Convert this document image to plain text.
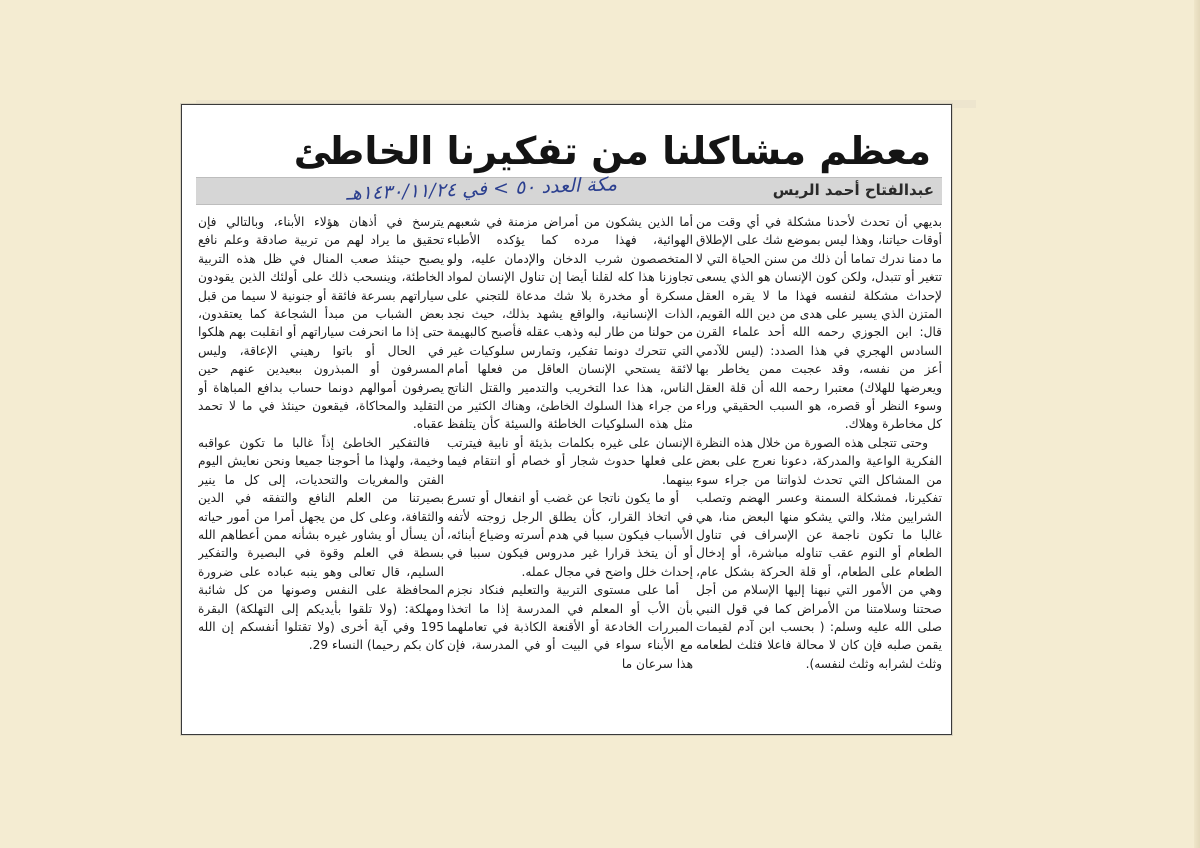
معظم مشاكلنا من تفكيرنا الخاطئ
عبدالفتاح أحمد الريس
مكة العدد ٥٠ > في ١٤٣٠/١١/٢٤هـ

بديهي أن تحدث لأحدنا مشكلة في أي وقت من أوقات حياتنا، وهذا ليس بموضع شك على الإطلاق ما دمنا ندرك تماما أن ذلك من سنن الحياة التي لا تتغير أو تتبدل، ولكن كون الإنسان هو الذي يسعى لإحداث مشكلة لنفسه فهذا ما لا يقره العقل المتزن الذي يسير على هدى من دين الله القويم، قال: ابن الجوزي رحمه الله أحد علماء القرن السادس الهجري في هذا الصدد: (ليس للآدمي أعز من نفسه، وقد عجبت ممن يخاطر بها ويعرضها للهلاك) معتبرا رحمه الله أن قلة العقل وسوء النظر أو قصره، هو السبب الحقيقي وراء كل مخاطرة وهلاك.

وحتى تتجلى هذه الصورة من خلال هذه النظرة الفكرية الواعية والمدركة، دعونا نعرج على بعض من المشاكل التي تحدث لذواتنا من جراء سوء تفكيرنا، فمشكلة السمنة وعسر الهضم وتصلب الشرايين مثلا، والتي يشكو منها البعض منا، هي غالبا ما تكون ناجمة عن الإسراف في تناول الطعام أو النوم عقب تناوله مباشرة، أو إدخال الطعام على الطعام، أو قلة الحركة بشكل عام، وهي من الأمور التي نبهنا إليها الإسلام من أجل صحتنا وسلامتنا من الأمراض كما في قول النبي صلى الله عليه وسلم: ( بحسب ابن آدم لقيمات يقمن صلبه فإن كان لا محالة فاعلا فثلث لطعامه وثلث لشرابه وثلث لنفسه).

أما الذين يشكون من أمراض مزمنة في شعبهم الهوائية، فهذا مرده كما يؤكده الأطباء المتخصصون شرب الدخان والإدمان عليه، ولو تجاوزنا هذا كله لقلنا أيضا إن تناول الإنسان لمواد مسكرة أو مخدرة بلا شك مدعاة للتجني على الذات الإنسانية، والواقع يشهد بذلك، حيث نجد من حولنا من طار لبه وذهب عقله فأصبح كالبهيمة التي تتحرك دونما تفكير، وتمارس سلوكيات غير لائقة يستحي الإنسان العاقل من فعلها أمام الناس، هذا عدا التخريب والتدمير والقتل الناتج من جراء هذا السلوك الخاطئ، وهناك الكثير من مثل هذه السلوكيات الخاطئة والسيئة كأن يتلفظ الإنسان على غيره بكلمات بذيئة أو نابية فيترتب على فعلها حدوث شجار أو خصام أو انتقام فيما بينهما.

أو ما يكون ناتجا عن غضب أو انفعال أو تسرع في اتخاذ القرار، كأن يطلق الرجل زوجته لأتفه الأسباب فيكون سببا في هدم أسرته وضياع أبنائه، أو أن يتخذ قرارا غير مدروس فيكون سببا في إحداث خلل واضح في مجال عمله.

أما على مستوى التربية والتعليم فنكاد نجزم بأن الأب أو المعلم في المدرسة إذا ما اتخذا المبررات الخادعة أو الأقنعة الكاذبة في تعاملهما مع الأبناء سواء في البيت أو في المدرسة، فإن هذا سرعان ما

يترسخ في أذهان هؤلاء الأبناء، وبالتالي فإن تحقيق ما يراد لهم من تربية صادقة وعلم نافع يصبح حينئذ صعب المنال في ظل هذه التربية الخاطئة، وينسحب ذلك على أولئك الذين يقودون سياراتهم بسرعة فائقة أو جنونية لا سيما من قبل بعض الشباب من مبدأ الشجاعة كما يعتقدون، حتى إذا ما انحرفت سياراتهم أو انقلبت بهم هلكوا في الحال أو باتوا رهيني الإعاقة، وليس المسرفون أو المبذرون ببعيدين عنهم حين يصرفون أموالهم دونما حساب بدافع المباهاة أو التقليد والمحاكاة، فيقعون حينئذ في ما لا تحمد عقباه.

فالتفكير الخاطئ إذاً غالبا ما تكون عواقبه وخيمة، ولهذا ما أحوجنا جميعا ونحن نعايش اليوم الفتن والمغريات والتحديات، إلى كل ما ينير بصيرتنا من العلم النافع والتفقه في الدين والثقافة، وعلى كل من يجهل أمرا من أمور حياته أن يسأل أو يشاور غيره بشأنه ممن أعطاهم الله بسطة في العلم وقوة في البصيرة والتفكير السليم، قال تعالى وهو ينبه عباده على ضرورة المحافظة على النفس وصونها من كل شائبة ومهلكة: (ولا تلقوا بأيديكم إلى التهلكة) البقرة 195 وفي آية أخرى (ولا تقتلوا أنفسكم إن الله كان بكم رحيما) النساء 29.
